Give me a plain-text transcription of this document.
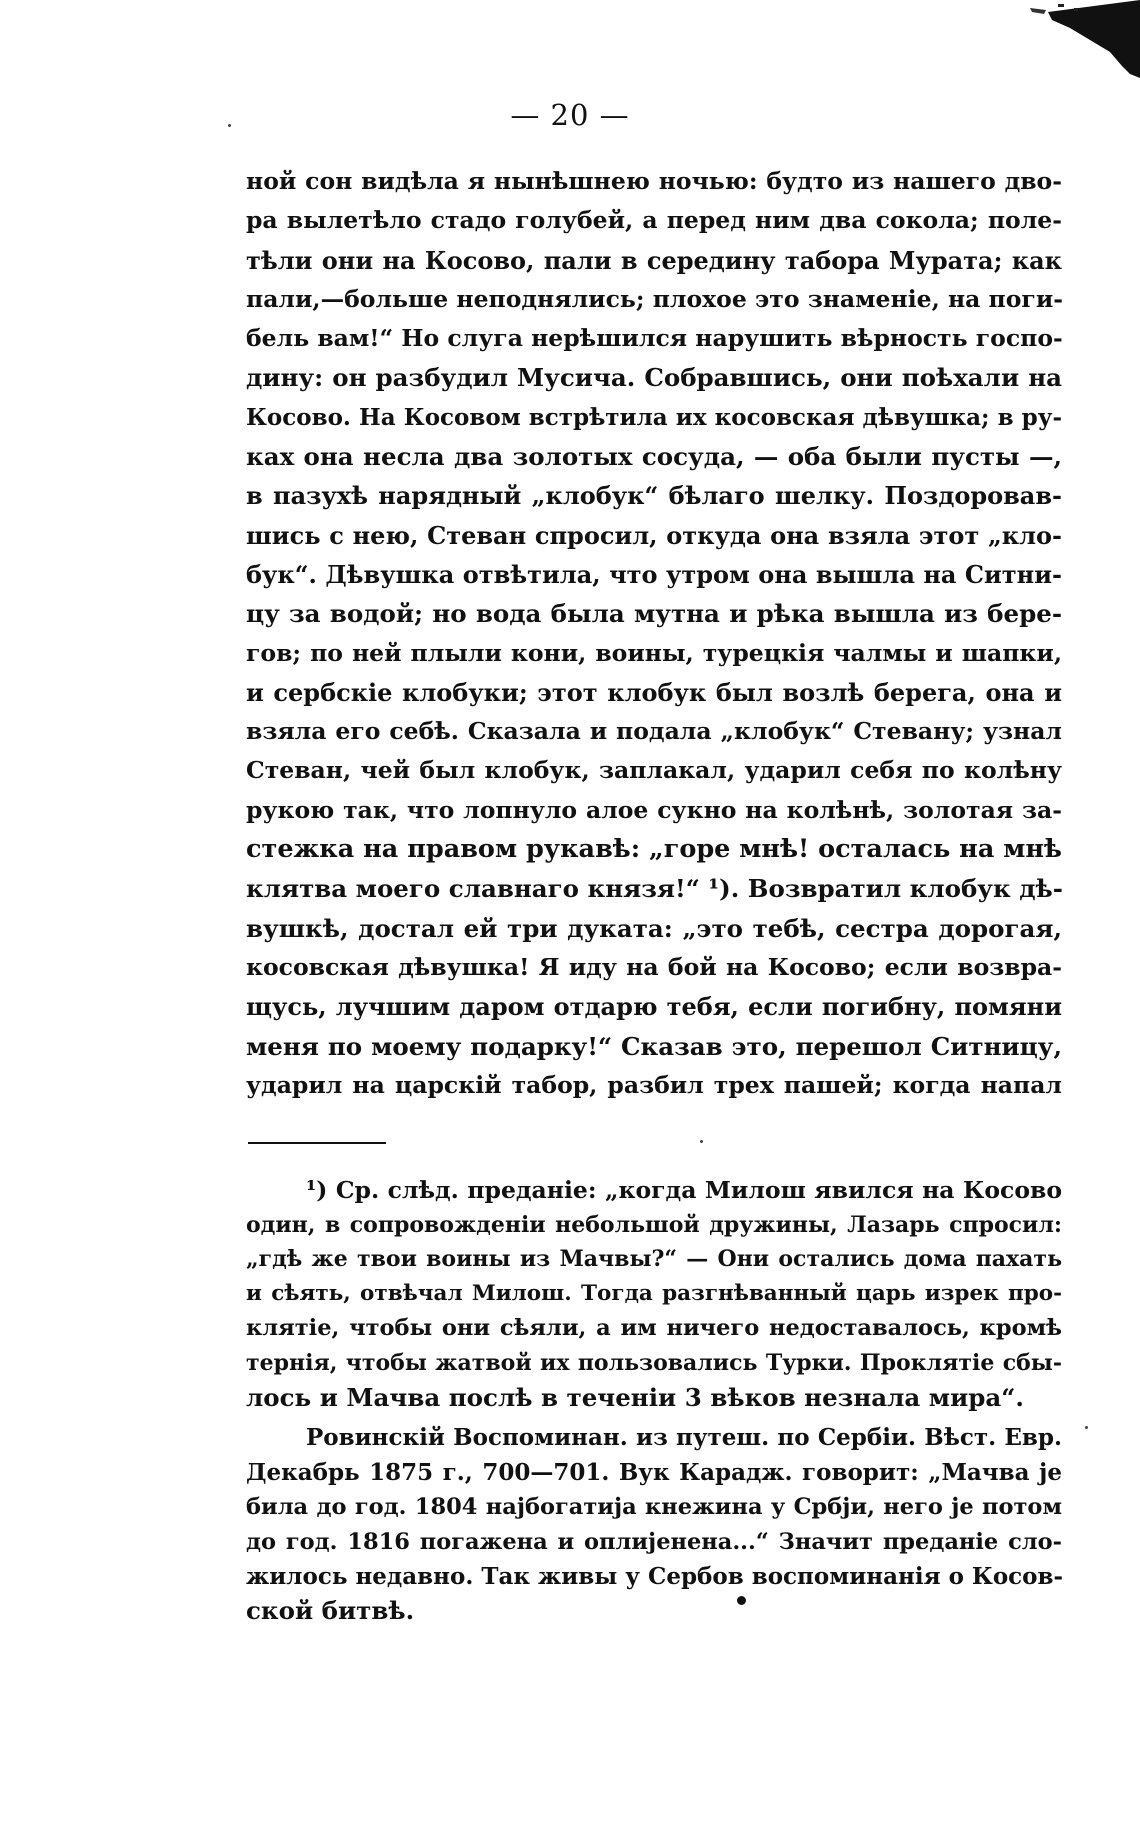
— 20 —
ной сон видѣла я нынѣшнею ночью: будто из нашего дво-
ра вылетѣло стадо голубей, а перед ним два сокола; поле-
тѣли они на Косово, пали в середину табора Мурата; как
пали,—больше неподнялись; плохое это знаменіе, на поги-
бель вам!“ Но слуга нерѣшился нарушить вѣрность госпо-
дину: он разбудил Мусича. Собравшись, они поѣхали на
Косово. На Косовом встрѣтила их косовская дѣвушка; в ру-
ках она несла два золотых сосуда, — оба были пусты —,
в пазухѣ нарядный „клобук“ бѣлаго шелку. Поздоровав-
шись с нею, Стеван спросил, откуда она взяла этот „кло-
бук“. Дѣвушка отвѣтила, что утром она вышла на Ситни-
цу за водой; но вода была мутна и рѣка вышла из бере-
гов; по ней плыли кони, воины, турецкія чалмы и шапки,
и сербскіе клобуки; этот клобук был возлѣ берега, она и
взяла его себѣ. Сказала и подала „клобук“ Стевану; узнал
Стеван, чей был клобук, заплакал, ударил себя по колѣну
рукою так, что лопнуло алое сукно на колѣнѣ, золотая за-
стежка на правом рукавѣ: „горе мнѣ! осталась на мнѣ
клятва моего славнаго князя!“ ¹). Возвратил клобук дѣ-
вушкѣ, достал ей три дуката: „это тебѣ, сестра дорогая,
косовская дѣвушка! Я иду на бой на Косово; если возвра-
щусь, лучшим даром отдарю тебя, если погибну, помяни
меня по моему подарку!“ Сказав это, перешол Ситницу,
ударил на царскій табор, разбил трех пашей; когда напал
¹) Ср. слѣд. преданіе: „когда Милош явился на Косово
один, в сопровожденіи небольшой дружины, Лазарь спросил:
„гдѣ же твои воины из Мачвы?“ — Они остались дома пахать
и сѣять, отвѣчал Милош. Тогда разгнѣванный царь изрек про-
клятіе, чтобы они сѣяли, а им ничего недоставалось, кромѣ
тернія, чтобы жатвой их пользовались Турки. Проклятіе сбы-
лось и Мачва послѣ в теченіи 3 вѣков незнала мира“.
Ровинскій Воспоминан. из путеш. по Сербіи. Вѣст. Евр.
Декабрь 1875 г., 700—701. Вук Карадж. говорит: „Мачва је
била до год. 1804 најбогатија кнежина у Србји, него је потом
до год. 1816 погажена и оплијенена...“ Значит преданіе сло-
жилось недавно. Так живы у Сербов воспоминанія о Косов-
ской битвѣ.
